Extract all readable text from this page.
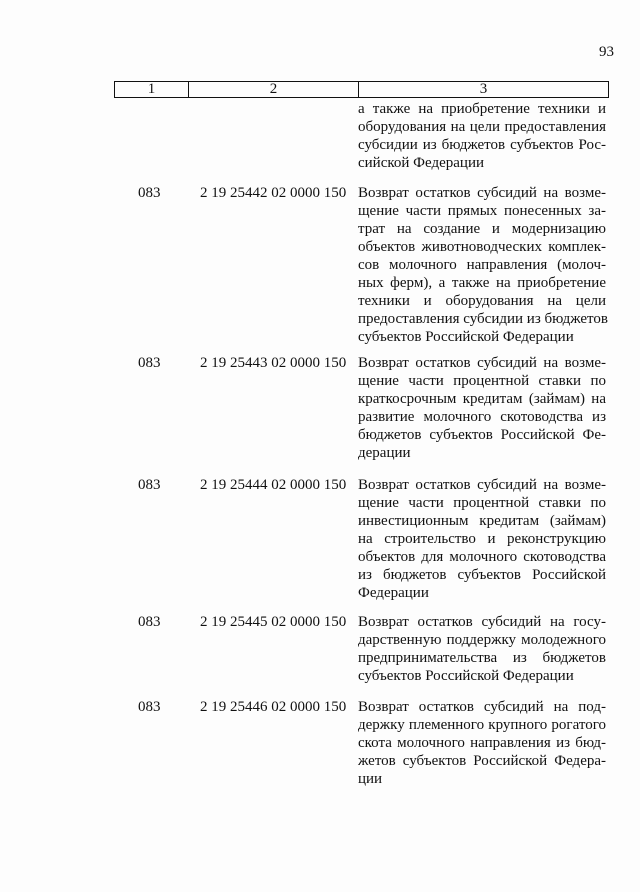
93
1	2	3
а также на приобретение техники и
оборудования на цели предоставления
субсидии из бюджетов субъектов Рос-
сийской Федерации
083	2 19 25442 02 0000 150 Возврат остатков субсидий на возме-
щение части прямых понесенных за-
трат на создание и модернизацию
объектов животноводческих комплек-
сов молочного направления (молоч-
ных ферм), а также на приобретение
техники и оборудования на цели
предоставления субсидии из бюджетов
субъектов Российской Федерации
083	2 19 25443 02 0000 150 Возврат остатков субсидий на возме-
щение части процентной ставки по
краткосрочным кредитам (займам) на
развитие молочного скотоводства из
бюджетов субъектов Российской Фе-
дерации
083	2 19 25444 02 0000 150 Возврат остатков субсидий на возме-
щение части процентной ставки по
инвестиционным кредитам (займам)
на строительство и реконструкцию
объектов для молочного скотоводства
из бюджетов субъектов Российской
Федерации
083	2 19 25445 02 0000 150 Возврат остатков субсидий на госу-
дарственную поддержку молодежного
предпринимательства из бюджетов
субъектов Российской Федерации
083	2 19 25446 02 0000 150 Возврат остатков субсидий на под-
держку племенного крупного рогатого
скота молочного направления из бюд-
жетов субъектов Российской Федера-
ции
